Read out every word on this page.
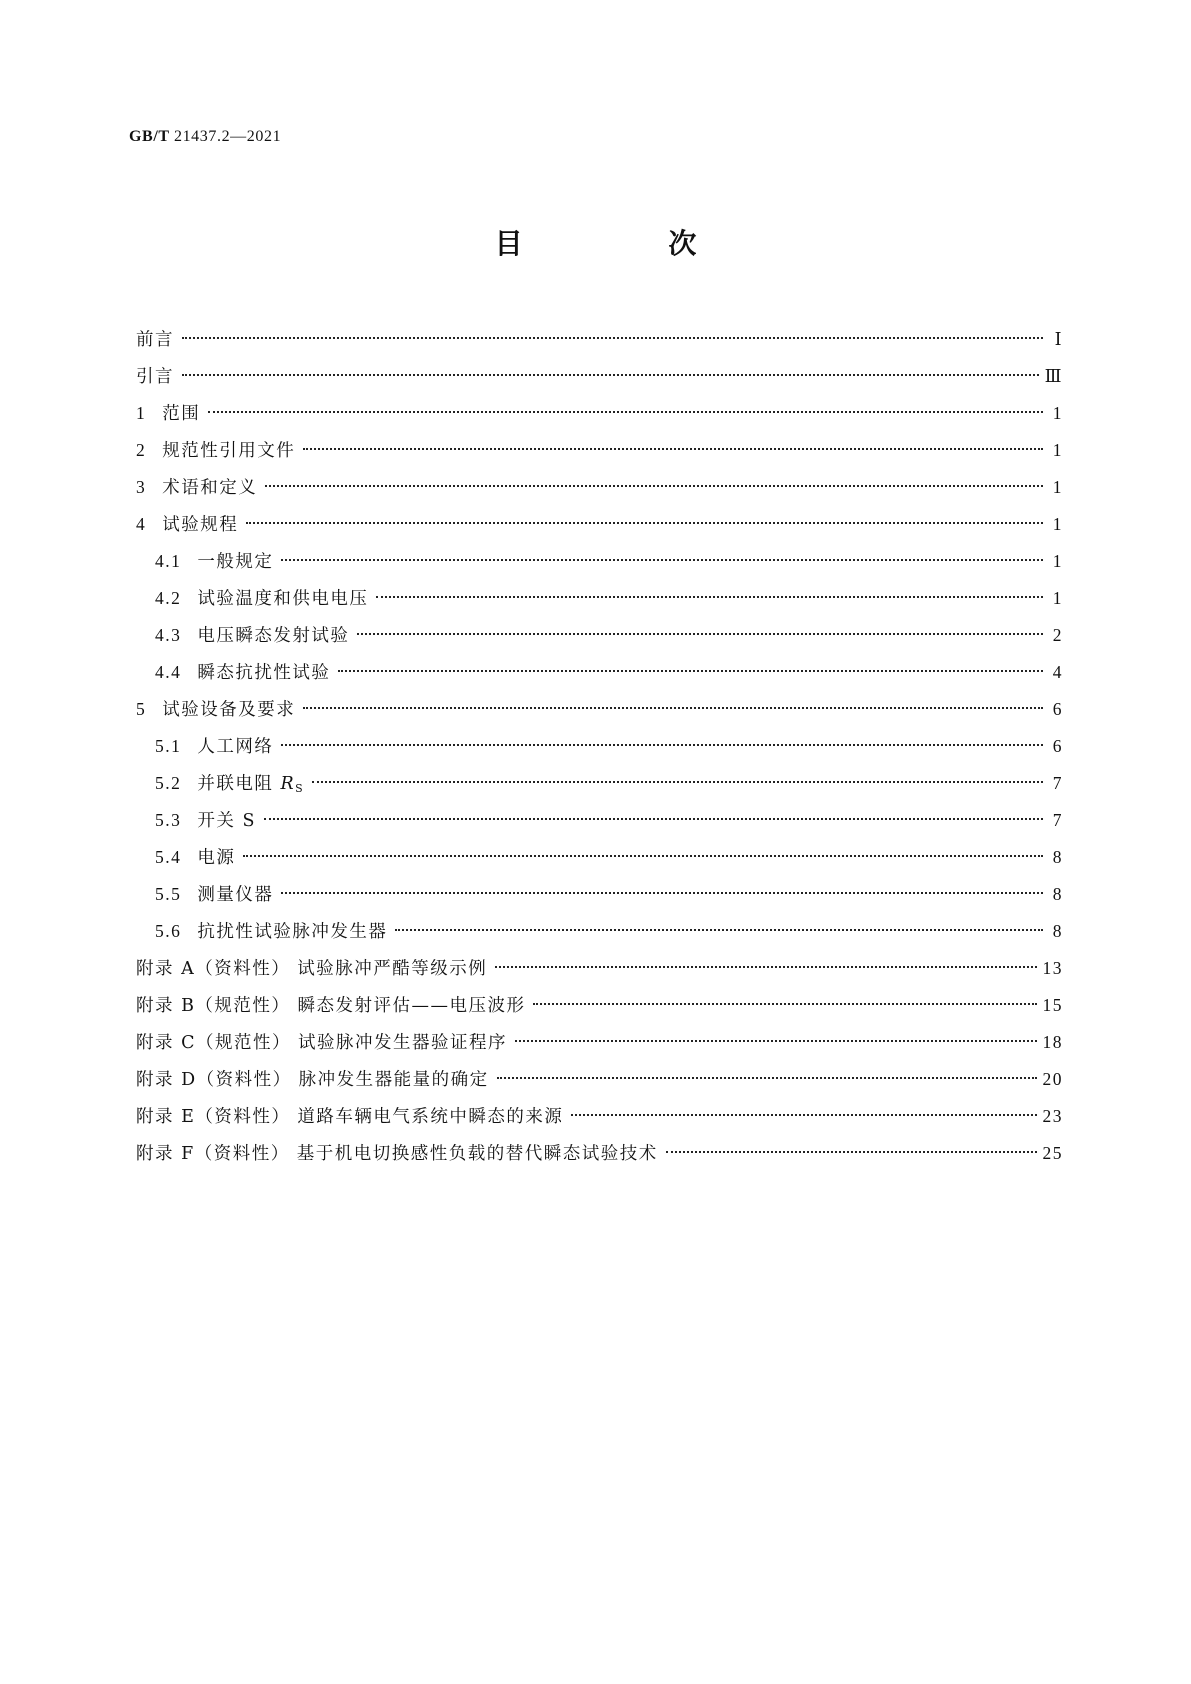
GB/T 21437.2—2021
目 次
前言	Ⅰ
引言	Ⅲ
1 范围	1
2 规范性引用文件	1
3 术语和定义	1
4 试验规程	1
4.1 一般规定	1
4.2 试验温度和供电电压	1
4.3 电压瞬态发射试验	2
4.4 瞬态抗扰性试验	4
5 试验设备及要求	6
5.1 人工网络	6
5.2 并联电阻 $R_S$	7
5.3 开关 S	7
5.4 电源	8
5.5 测量仪器	8
5.6 抗扰性试验脉冲发生器	8
附录 A（资料性） 试验脉冲严酷等级示例	13
附录 B（规范性） 瞬态发射评估——电压波形	15
附录 C（规范性） 试验脉冲发生器验证程序	18
附录 D（资料性） 脉冲发生器能量的确定	20
附录 E（资料性） 道路车辆电气系统中瞬态的来源	23
附录 F（资料性） 基于机电切换感性负载的替代瞬态试验技术	25
